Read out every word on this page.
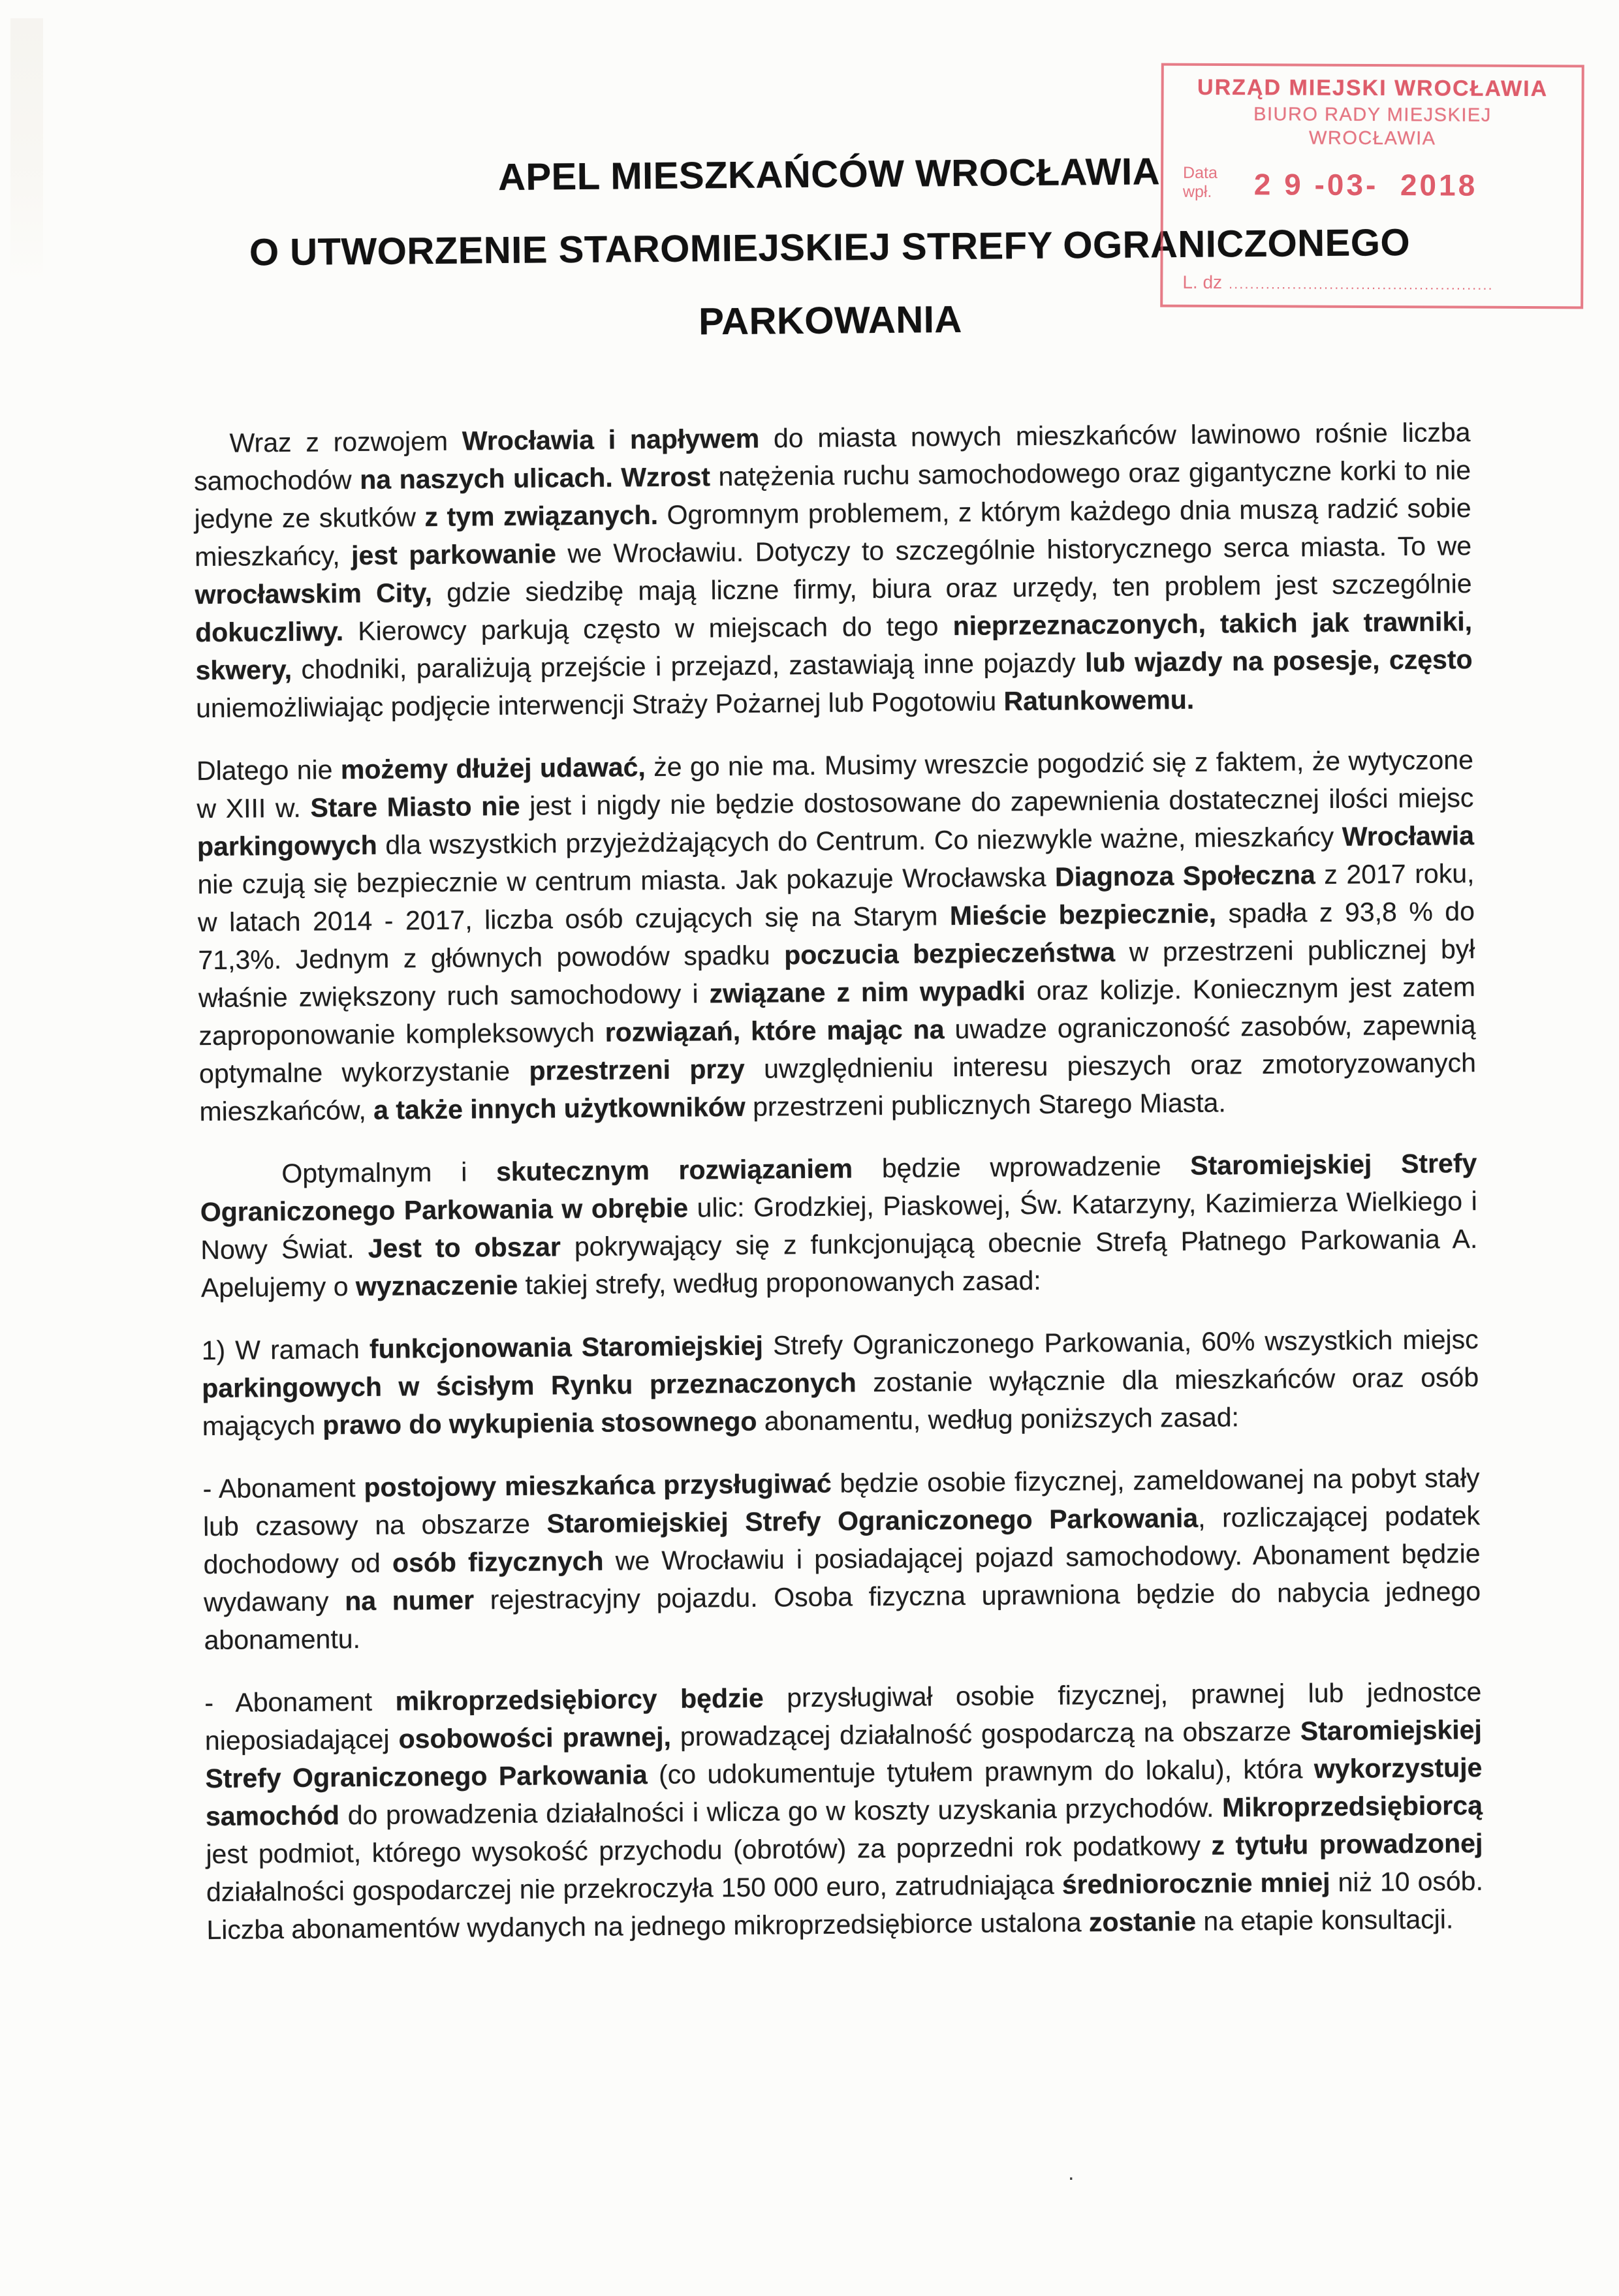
APEL MIESZKAŃCÓW WROCŁAWIA
O UTWORZENIE STAROMIEJSKIEJ STREFY OGRANICZONEGO
PARKOWANIA

Wraz z rozwojem Wrocławia i napływem do miasta nowych mieszkańców lawinowo rośnie liczba samochodów na naszych ulicach. Wzrost natężenia ruchu samochodowego oraz gigantyczne korki to nie jedyne ze skutków z tym związanych. Ogromnym problemem, z którym każdego dnia muszą radzić sobie mieszkańcy, jest parkowanie we Wrocławiu. Dotyczy to szczególnie historycznego serca miasta. To we wrocławskim City, gdzie siedzibę mają liczne firmy, biura oraz urzędy, ten problem jest szczególnie dokuczliwy. Kierowcy parkują często w miejscach do tego nieprzeznaczonych, takich jak trawniki, skwery, chodniki, paraliżują przejście i przejazd, zastawiają inne pojazdy lub wjazdy na posesje, często uniemożliwiając podjęcie interwencji Straży Pożarnej lub Pogotowiu Ratunkowemu.

Dlatego nie możemy dłużej udawać, że go nie ma. Musimy wreszcie pogodzić się z faktem, że wytyczone w XIII w. Stare Miasto nie jest i nigdy nie będzie dostosowane do zapewnienia dostatecznej ilości miejsc parkingowych dla wszystkich przyjeżdżających do Centrum. Co niezwykle ważne, mieszkańcy Wrocławia nie czują się bezpiecznie w centrum miasta. Jak pokazuje Wrocławska Diagnoza Społeczna z 2017 roku, w latach 2014 - 2017, liczba osób czujących się na Starym Mieście bezpiecznie, spadła z 93,8 % do 71,3%. Jednym z głównych powodów spadku poczucia bezpieczeństwa w przestrzeni publicznej był właśnie zwiększony ruch samochodowy i związane z nim wypadki oraz kolizje. Koniecznym jest zatem zaproponowanie kompleksowych rozwiązań, które mając na uwadze ograniczoność zasobów, zapewnią optymalne wykorzystanie przestrzeni przy uwzględnieniu interesu pieszych oraz zmotoryzowanych mieszkańców, a także innych użytkowników przestrzeni publicznych Starego Miasta.

Optymalnym i skutecznym rozwiązaniem będzie wprowadzenie Staromiejskiej Strefy Ograniczonego Parkowania w obrębie ulic: Grodzkiej, Piaskowej, Św. Katarzyny, Kazimierza Wielkiego i Nowy Świat. Jest to obszar pokrywający się z funkcjonującą obecnie Strefą Płatnego Parkowania A. Apelujemy o wyznaczenie takiej strefy, według proponowanych zasad:

1) W ramach funkcjonowania Staromiejskiej Strefy Ograniczonego Parkowania, 60% wszystkich miejsc parkingowych w ścisłym Rynku przeznaczonych zostanie wyłącznie dla mieszkańców oraz osób mających prawo do wykupienia stosownego abonamentu, według poniższych zasad:

- Abonament postojowy mieszkańca przysługiwać będzie osobie fizycznej, zameldowanej na pobyt stały lub czasowy na obszarze Staromiejskiej Strefy Ograniczonego Parkowania, rozliczającej podatek dochodowy od osób fizycznych we Wrocławiu i posiadającej pojazd samochodowy. Abonament będzie wydawany na numer rejestracyjny pojazdu. Osoba fizyczna uprawniona będzie do nabycia jednego abonamentu.

- Abonament mikroprzedsiębiorcy będzie przysługiwał osobie fizycznej, prawnej lub jednostce nieposiadającej osobowości prawnej, prowadzącej działalność gospodarczą na obszarze Staromiejskiej Strefy Ograniczonego Parkowania (co udokumentuje tytułem prawnym do lokalu), która wykorzystuje samochód do prowadzenia działalności i wlicza go w koszty uzyskania przychodów. Mikroprzedsiębiorcą jest podmiot, którego wysokość przychodu (obrotów) za poprzedni rok podatkowy z tytułu prowadzonej działalności gospodarczej nie przekroczyła 150 000 euro, zatrudniająca średniorocznie mniej niż 10 osób. Liczba abonamentów wydanych na jednego mikroprzedsiębiorce ustalona zostanie na etapie konsultacji.

URZĄD MIEJSKI WROCŁAWIA
BIURO RADY MIEJSKIEJ
WROCŁAWIA
Data
wpł. 2 9 -03-  2018
L. dz ..................................................
.
